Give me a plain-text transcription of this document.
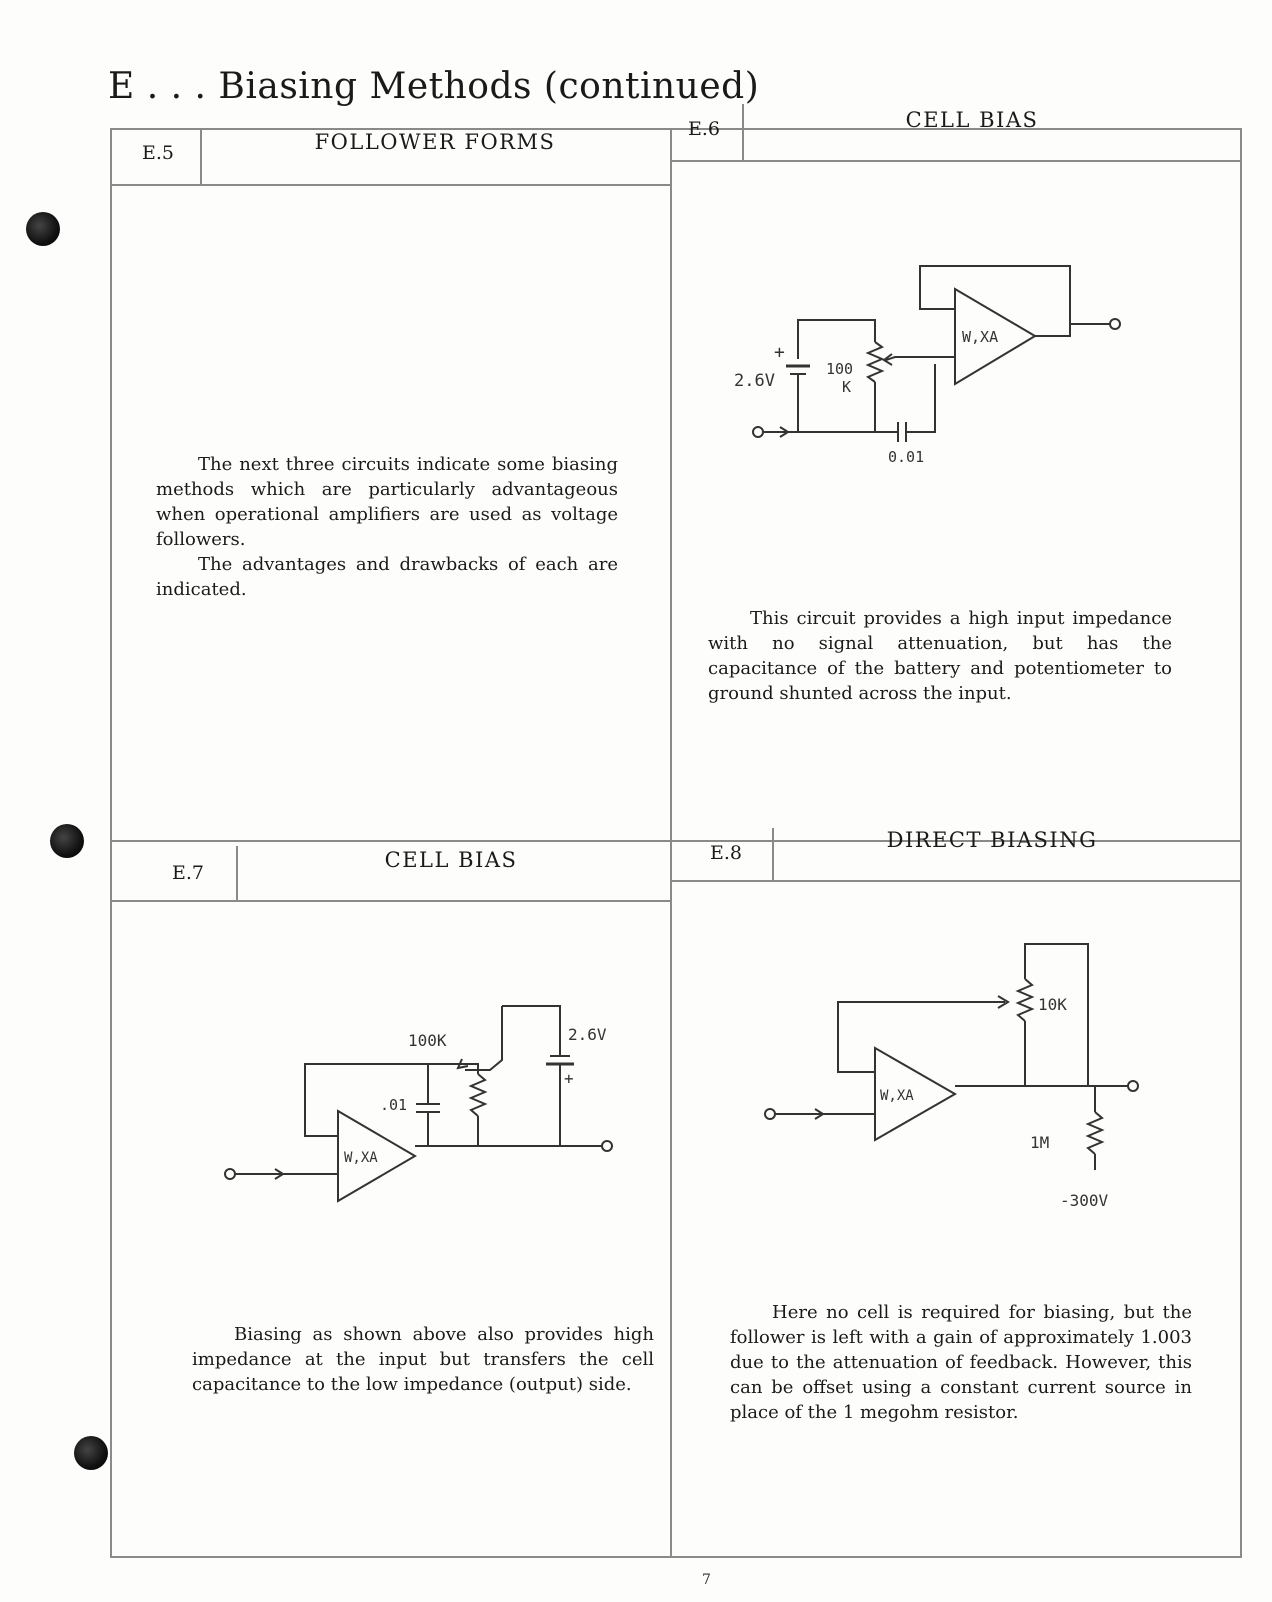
E . . . Biasing Methods (continued)
E.5	FOLLOWER FORMS

The next three circuits indicate some biasing methods which are particularly advantageous when operational amplifiers are used as voltage followers.

The advantages and drawbacks of each are indicated.

E.6	CELL BIAS
W,XA
+
2.6V
100
K
0.01

This circuit provides a high input impedance with no signal attenuation, but has the capacitance of the battery and potentiometer to ground shunted across the input.

E.7
CELL BIAS
W,XA
.01
100K	2.6V
+

Biasing as shown above also provides high impedance at the input but transfers the cell capacitance to the low impedance (output) side.

E.8
DIRECT BIASING
W,XA
10K
1M
-300V

Here no cell is required for biasing, but the follower is left with a gain of approximately 1.003 due to the attenuation of feedback. However, this can be offset using a constant current source in place of the 1 megohm resistor.

7
